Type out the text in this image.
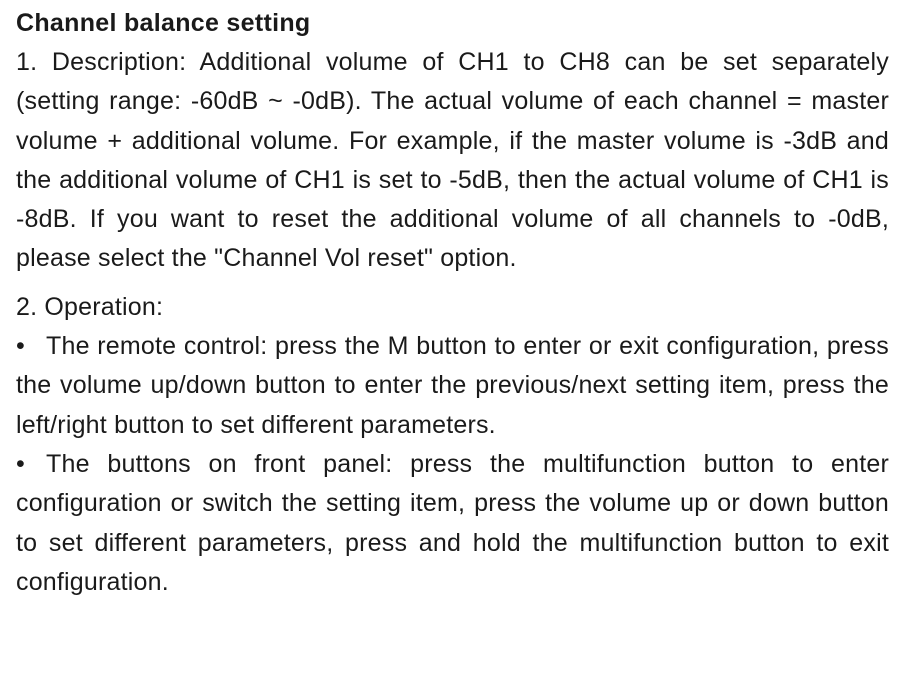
Channel balance setting

1. Description: Additional volume of CH1 to CH8 can be set separately (setting range: -60dB ~ -0dB). The actual volume of each channel = master volume + additional volume. For example, if the master volume is -3dB and the additional volume of CH1 is set to -5dB, then the actual volume of CH1 is -8dB. If you want to reset the additional volume of all channels to -0dB, please select the "Channel Vol reset" option.

2. Operation:

• The remote control: press the M button to enter or exit configuration, press the volume up/down button to enter the previous/next setting item, press the left/right button to set different parameters.

• The buttons on front panel: press the multifunction button to enter configuration or switch the setting item, press the volume up or down button to set different parameters, press and hold the multifunction button to exit configuration.
